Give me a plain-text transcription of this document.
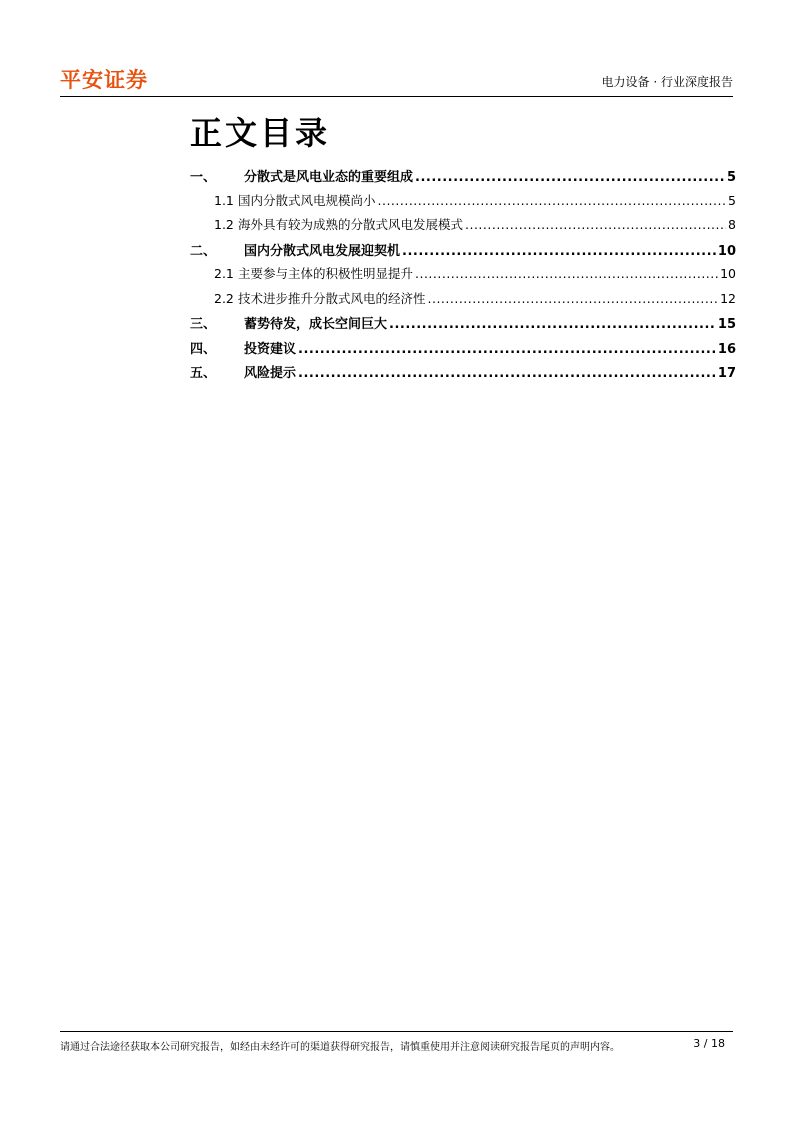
平安证券	电力设备 · 行业深度报告
正文目录
一、	分散式是风电业态的重要组成 .....	5
1.1 国内分散式风电规模尚小 .....	5
1.2 海外具有较为成熟的分散式风电发展模式 .....	8
二、	国内分散式风电发展迎契机 .....	10
2.1 主要参与主体的积极性明显提升 .....	10
2.2 技术进步推升分散式风电的经济性 .....	12
三、	蓄势待发，成长空间巨大 .....	15
四、	投资建议 .....	16
五、	风险提示 .....	17
请通过合法途径获取本公司研究报告，如经由未经许可的渠道获得研究报告，请慎重使用并注意阅读研究报告尾页的声明内容。	3 / 18
